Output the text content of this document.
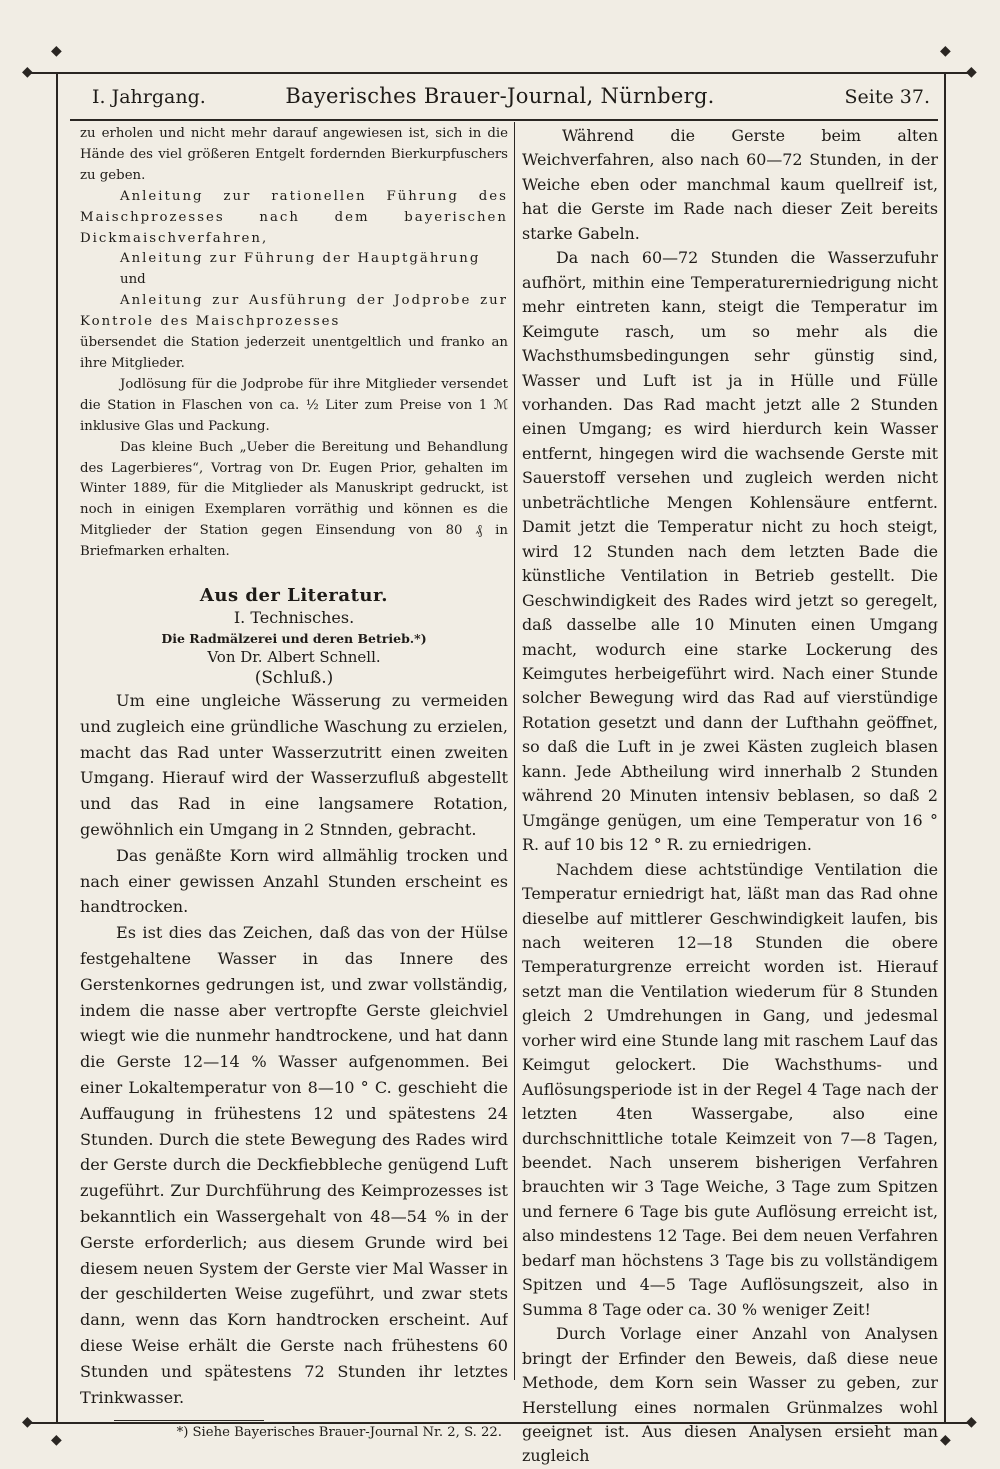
◆
◆	◆
◆
◆
◆	◆
◆
I. Jahrgang.	Bayerisches Brauer-Journal, Nürnberg.	Seite 37.

zu erholen und nicht mehr darauf angewiesen ist, sich in die Hände des viel größeren Entgelt fordernden Bierkurpfuschers zu geben.

Anleitung zur rationellen Führung des Maischprozesses nach dem bayerischen Dickmaischverfahren,

Anleitung zur Führung der Hauptgährung

und

Anleitung zur Ausführung der Jodprobe zur Kontrole des Maischprozesses

übersendet die Station jederzeit unentgeltlich und franko an ihre Mitglieder.

Jodlösung für die Jodprobe für ihre Mitglieder versendet die Station in Flaschen von ca. ½ Liter zum Preise von 1 ℳ inklusive Glas und Packung.

Das kleine Buch „Ueber die Bereitung und Behandlung des Lagerbieres“, Vortrag von Dr. Eugen Prior, gehalten im Winter 1889, für die Mitglieder als Manuskript gedruckt, ist noch in einigen Exemplaren vorräthig und können es die Mitglieder der Station gegen Einsendung von 80 ₰ in Briefmarken erhalten.

Aus der Literatur.
I. Technisches.
Die Radmälzerei und deren Betrieb.*)
Von Dr. Albert Schnell.
(Schluß.)

Um eine ungleiche Wässerung zu vermeiden und zugleich eine gründliche Waschung zu erzielen, macht das Rad unter Wasserzutritt einen zweiten Umgang. Hierauf wird der Wasserzufluß abgestellt und das Rad in eine langsamere Rotation, gewöhnlich ein Umgang in 2 Stnnden, gebracht.

Das genäßte Korn wird allmählig trocken und nach einer gewissen Anzahl Stunden erscheint es handtrocken.

Es ist dies das Zeichen, daß das von der Hülse festgehaltene Wasser in das Innere des Gerstenkornes gedrungen ist, und zwar vollständig, indem die nasse aber vertropfte Gerste gleichviel wiegt wie die nunmehr handtrockene, und hat dann die Gerste 12—14 % Wasser aufgenommen. Bei einer Lokaltemperatur von 8—10 ° C. geschieht die Auffaugung in frühestens 12 und spätestens 24 Stunden. Durch die stete Bewegung des Rades wird der Gerste durch die Deckfiebbleche genügend Luft zugeführt. Zur Durchführung des Keimprozesses ist bekanntlich ein Wassergehalt von 48—54 % in der Gerste erforderlich; aus diesem Grunde wird bei diesem neuen System der Gerste vier Mal Wasser in der geschilderten Weise zugeführt, und zwar stets dann, wenn das Korn handtrocken erscheint. Auf diese Weise erhält die Gerste nach frühestens 60 Stunden und spätestens 72 Stunden ihr letztes Trinkwasser.

*) Siehe Bayerisches Brauer-Journal Nr. 2, S. 22.

Während die Gerste beim alten Weichverfahren, also nach 60—72 Stunden, in der Weiche eben oder manchmal kaum quellreif ist, hat die Gerste im Rade nach dieser Zeit bereits starke Gabeln.

Da nach 60—72 Stunden die Wasserzufuhr aufhört, mithin eine Temperaturerniedrigung nicht mehr eintreten kann, steigt die Temperatur im Keimgute rasch, um so mehr als die Wachsthumsbedingungen sehr günstig sind, Wasser und Luft ist ja in Hülle und Fülle vorhanden. Das Rad macht jetzt alle 2 Stunden einen Umgang; es wird hierdurch kein Wasser entfernt, hingegen wird die wachsende Gerste mit Sauerstoff versehen und zugleich werden nicht unbeträchtliche Mengen Kohlensäure entfernt. Damit jetzt die Temperatur nicht zu hoch steigt, wird 12 Stunden nach dem letzten Bade die künstliche Ventilation in Betrieb gestellt. Die Geschwindigkeit des Rades wird jetzt so geregelt, daß dasselbe alle 10 Minuten einen Umgang macht, wodurch eine starke Lockerung des Keimgutes herbeigeführt wird. Nach einer Stunde solcher Bewegung wird das Rad auf vierstündige Rotation gesetzt und dann der Lufthahn geöffnet, so daß die Luft in je zwei Kästen zugleich blasen kann. Jede Abtheilung wird innerhalb 2 Stunden während 20 Minuten intensiv beblasen, so daß 2 Umgänge genügen, um eine Temperatur von 16 ° R. auf 10 bis 12 ° R. zu erniedrigen.

Nachdem diese achtstündige Ventilation die Temperatur erniedrigt hat, läßt man das Rad ohne dieselbe auf mittlerer Geschwindigkeit laufen, bis nach weiteren 12—18 Stunden die obere Temperaturgrenze erreicht worden ist. Hierauf setzt man die Ventilation wiederum für 8 Stunden gleich 2 Umdrehungen in Gang, und jedesmal vorher wird eine Stunde lang mit raschem Lauf das Keimgut gelockert. Die Wachsthums- und Auflösungsperiode ist in der Regel 4 Tage nach der letzten 4ten Wassergabe, also eine durchschnittliche totale Keimzeit von 7—8 Tagen, beendet. Nach unserem bisherigen Verfahren brauchten wir 3 Tage Weiche, 3 Tage zum Spitzen und fernere 6 Tage bis gute Auflösung erreicht ist, also mindestens 12 Tage. Bei dem neuen Verfahren bedarf man höchstens 3 Tage bis zu vollständigem Spitzen und 4—5 Tage Auflösungszeit, also in Summa 8 Tage oder ca. 30 % weniger Zeit!

Durch Vorlage einer Anzahl von Analysen bringt der Erfinder den Beweis, daß diese neue Methode, dem Korn sein Wasser zu geben, zur Herstellung eines normalen Grünmalzes wohl geeignet ist. Aus diesen Analysen ersieht man zugleich
